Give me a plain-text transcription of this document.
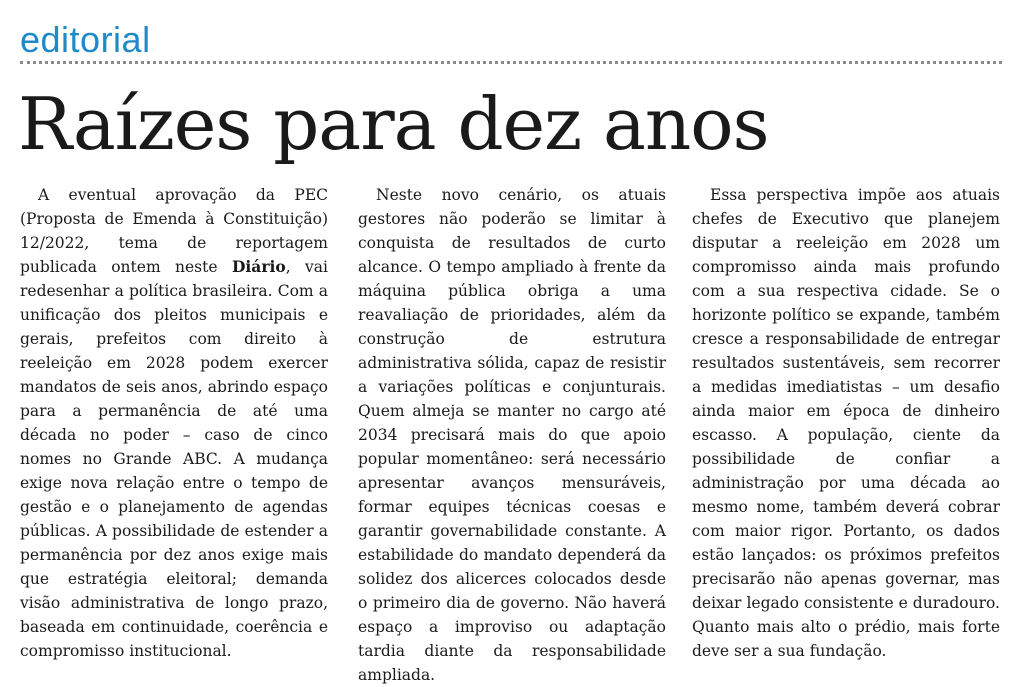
editorial
Raízes para dez anos

A eventual aprovação da PEC (Proposta de Emenda à Constituição) 12/2022, tema de reportagem publicada ontem neste Diário, vai redesenhar a política brasileira. Com a unificação dos pleitos municipais e gerais, prefeitos com direito à reeleição em 2028 podem exercer mandatos de seis anos, abrindo espaço para a permanência de até uma década no poder – caso de cinco nomes no Grande ABC. A mudança exige nova relação entre o tempo de gestão e o planejamento de agendas públicas. A possibilidade de estender a permanência por dez anos exige mais que estratégia eleitoral; demanda visão administrativa de longo prazo, baseada em continuidade, coerência e compromisso institucional.

Neste novo cenário, os atuais gestores não poderão se limitar à conquista de resultados de curto alcance. O tempo ampliado à frente da máquina pública obriga a uma reavaliação de prioridades, além da construção de estrutura administrativa sólida, capaz de resistir a variações políticas e conjunturais. Quem almeja se manter no cargo até 2034 precisará mais do que apoio popular momentâneo: será necessário apresentar avanços mensuráveis, formar equipes técnicas coesas e garantir governabilidade constante. A estabilidade do mandato dependerá da solidez dos alicerces colocados desde o primeiro dia de governo. Não haverá espaço a improviso ou adaptação tardia diante da responsabilidade ampliada.

Essa perspectiva impõe aos atuais chefes de Executivo que planejem disputar a reeleição em 2028 um compromisso ainda mais profundo com a sua respectiva cidade. Se o horizonte político se expande, também cresce a responsabilidade de entregar resultados sustentáveis, sem recorrer a medidas imediatistas – um desafio ainda maior em época de dinheiro escasso. A população, ciente da possibilidade de confiar a administração por uma década ao mesmo nome, também deverá cobrar com maior rigor. Portanto, os dados estão lançados: os próximos prefeitos precisarão não apenas governar, mas deixar legado consistente e duradouro. Quanto mais alto o prédio, mais forte deve ser a sua fundação.
